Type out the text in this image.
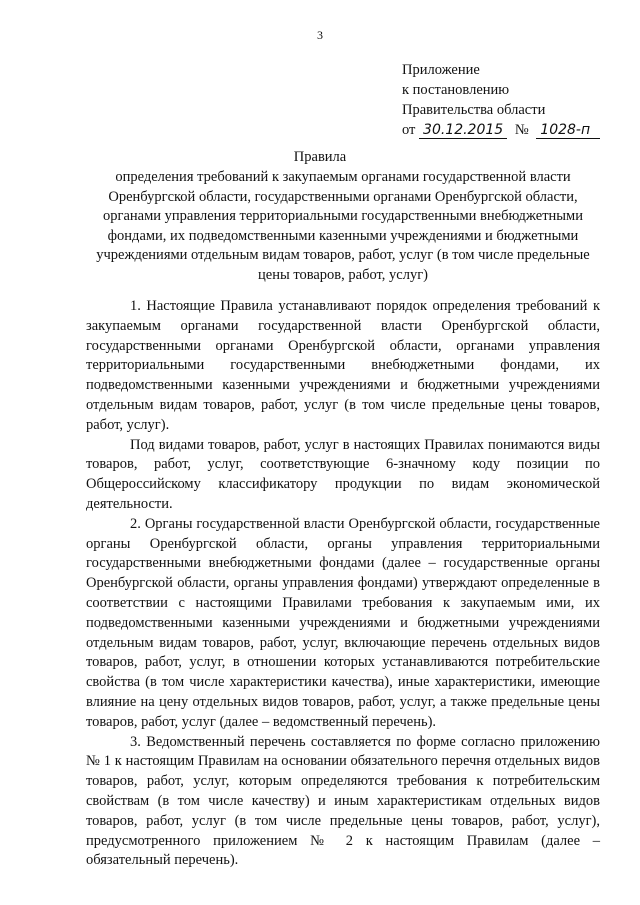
3
Приложение
к постановлению
Правительства области
от 30.12.2015 № 1028-п
Правила
определения требований к закупаемым органами государственной власти Оренбургской области, государственными органами Оренбургской области, органами управления территориальными государственными внебюджетными фондами, их подведомственными казенными учреждениями и бюджетными учреждениями отдельным видам товаров, работ, услуг (в том числе предельные цены товаров, работ, услуг)

1. Настоящие Правила устанавливают порядок определения требований к закупаемым органами государственной власти Оренбургской области, государственными органами Оренбургской области, органами управления территориальными государственными внебюджетными фондами, их подведомственными казенными учреждениями и бюджетными учреждениями отдельным видам товаров, работ, услуг (в том числе предельные цены товаров, работ, услуг).

Под видами товаров, работ, услуг в настоящих Правилах понимаются виды товаров, работ, услуг, соответствующие 6-значному коду позиции по Общероссийскому классификатору продукции по видам экономической деятельности.

2. Органы государственной власти Оренбургской области, государственные органы Оренбургской области, органы управления территориальными государственными внебюджетными фондами (далее – государственные органы Оренбургской области, органы управления фондами) утверждают определенные в соответствии с настоящими Правилами требования к закупаемым ими, их подведомственными казенными учреждениями и бюджетными учреждениями отдельным видам товаров, работ, услуг, включающие перечень отдельных видов товаров, работ, услуг, в отношении которых устанавливаются потребительские свойства (в том числе характеристики качества), иные характеристики, имеющие влияние на цену отдельных видов товаров, работ, услуг, а также предельные цены товаров, работ, услуг (далее – ведомственный перечень).

3. Ведомственный перечень составляется по форме согласно приложению № 1 к настоящим Правилам на основании обязательного перечня отдельных видов товаров, работ, услуг, которым определяются требования к потребительским свойствам (в том числе качеству) и иным характеристикам отдельных видов товаров, работ, услуг (в том числе предельные цены товаров, работ, услуг), предусмотренного приложением № 2 к настоящим Правилам (далее – обязательный перечень).
